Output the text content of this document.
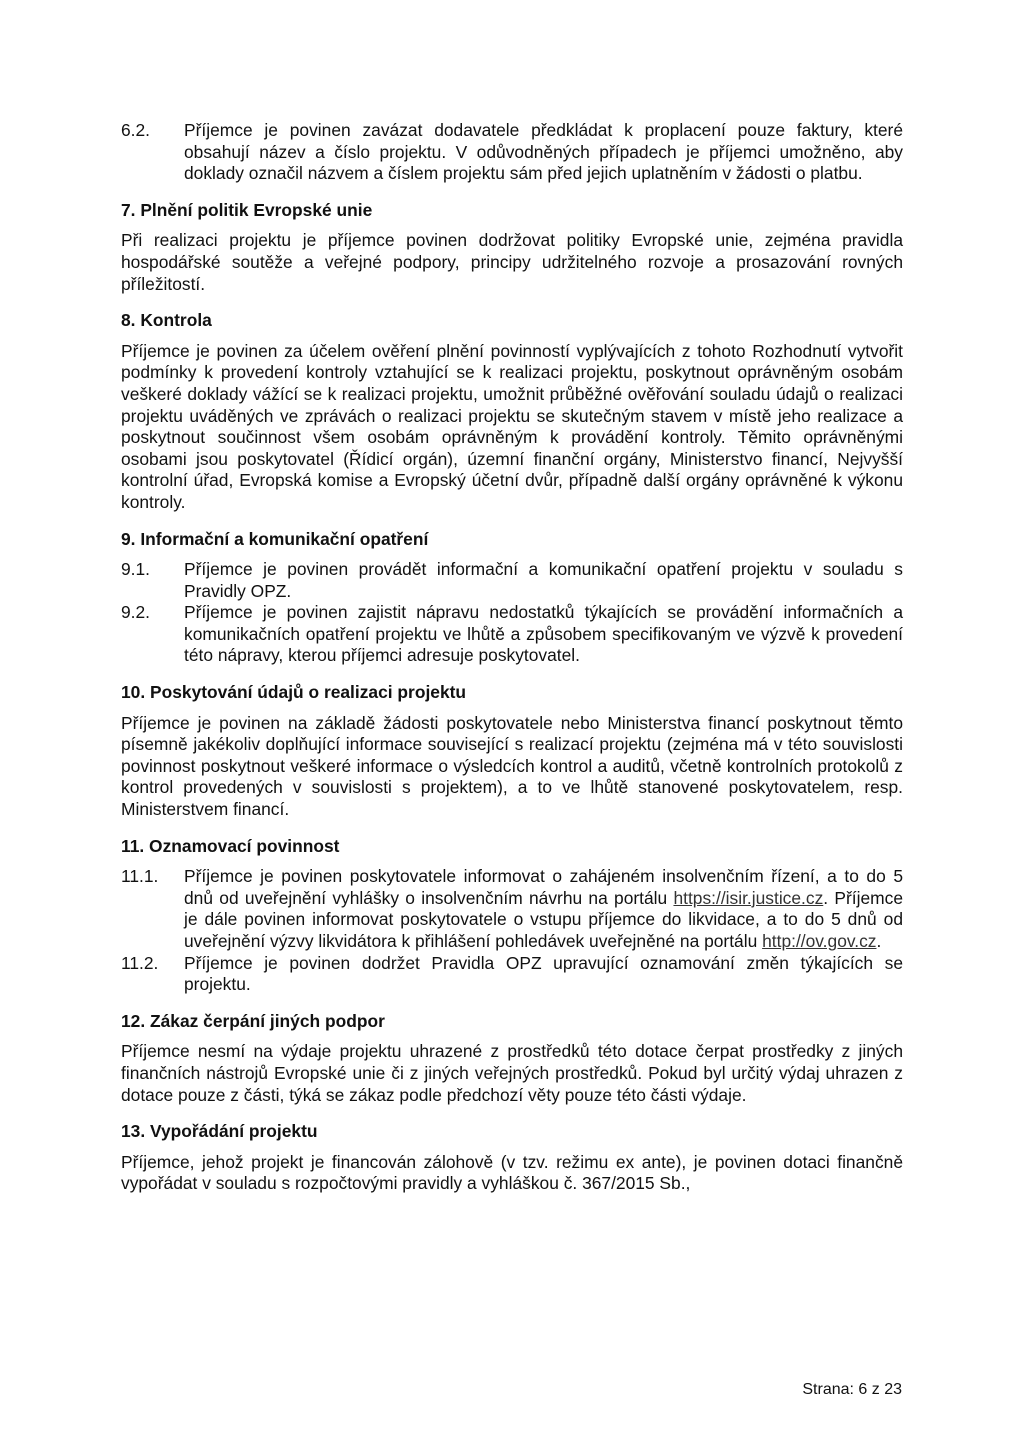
6.2.	Příjemce je povinen zavázat dodavatele předkládat k proplacení pouze faktury, které obsahují název a číslo projektu. V odůvodněných případech je příjemci umožněno, aby doklady označil názvem a číslem projektu sám před jejich uplatněním v žádosti o platbu.
7. Plnění politik Evropské unie

Při realizaci projektu je příjemce povinen dodržovat politiky Evropské unie, zejména pravidla hospodářské soutěže a veřejné podpory, principy udržitelného rozvoje a prosazování rovných příležitostí.

8. Kontrola

Příjemce je povinen za účelem ověření plnění povinností vyplývajících z tohoto Rozhodnutí vytvořit podmínky k provedení kontroly vztahující se k realizaci projektu, poskytnout oprávněným osobám veškeré doklady vážící se k realizaci projektu, umožnit průběžné ověřování souladu údajů o realizaci projektu uváděných ve zprávách o realizaci projektu se skutečným stavem v místě jeho realizace a poskytnout součinnost všem osobám oprávněným k provádění kontroly. Těmito oprávněnými osobami jsou poskytovatel (Řídicí orgán), územní finanční orgány, Ministerstvo financí, Nejvyšší kontrolní úřad, Evropská komise a Evropský účetní dvůr, případně další orgány oprávněné k výkonu kontroly.

9. Informační a komunikační opatření
9.1.	Příjemce je povinen provádět informační a komunikační opatření projektu v souladu s Pravidly OPZ.
9.2.	Příjemce je povinen zajistit nápravu nedostatků týkajících se provádění informačních a komunikačních opatření projektu ve lhůtě a způsobem specifikovaným ve výzvě k provedení této nápravy, kterou příjemci adresuje poskytovatel.
10. Poskytování údajů o realizaci projektu

Příjemce je povinen na základě žádosti poskytovatele nebo Ministerstva financí poskytnout těmto písemně jakékoliv doplňující informace související s realizací projektu (zejména má v této souvislosti povinnost poskytnout veškeré informace o výsledcích kontrol a auditů, včetně kontrolních protokolů z kontrol provedených v souvislosti s projektem), a to ve lhůtě stanovené poskytovatelem, resp. Ministerstvem financí.

11. Oznamovací povinnost
11.1.	Příjemce je povinen poskytovatele informovat o zahájeném insolvenčním řízení, a to do 5 dnů od uveřejnění vyhlášky o insolvenčním návrhu na portálu https://isir.justice.cz. Příjemce je dále povinen informovat poskytovatele o vstupu příjemce do likvidace, a to do 5 dnů od uveřejnění výzvy likvidátora k přihlášení pohledávek uveřejněné na portálu http://ov.gov.cz.
11.2.	Příjemce je povinen dodržet Pravidla OPZ upravující oznamování změn týkajících se projektu.
12. Zákaz čerpání jiných podpor

Příjemce nesmí na výdaje projektu uhrazené z prostředků této dotace čerpat prostředky z jiných finančních nástrojů Evropské unie či z jiných veřejných prostředků. Pokud byl určitý výdaj uhrazen z dotace pouze z části, týká se zákaz podle předchozí věty pouze této části výdaje.

13. Vypořádání projektu

Příjemce, jehož projekt je financován zálohově (v tzv. režimu ex ante), je povinen dotaci finančně vypořádat v souladu s rozpočtovými pravidly a vyhláškou č. 367/2015 Sb.,

Strana: 6 z 23
